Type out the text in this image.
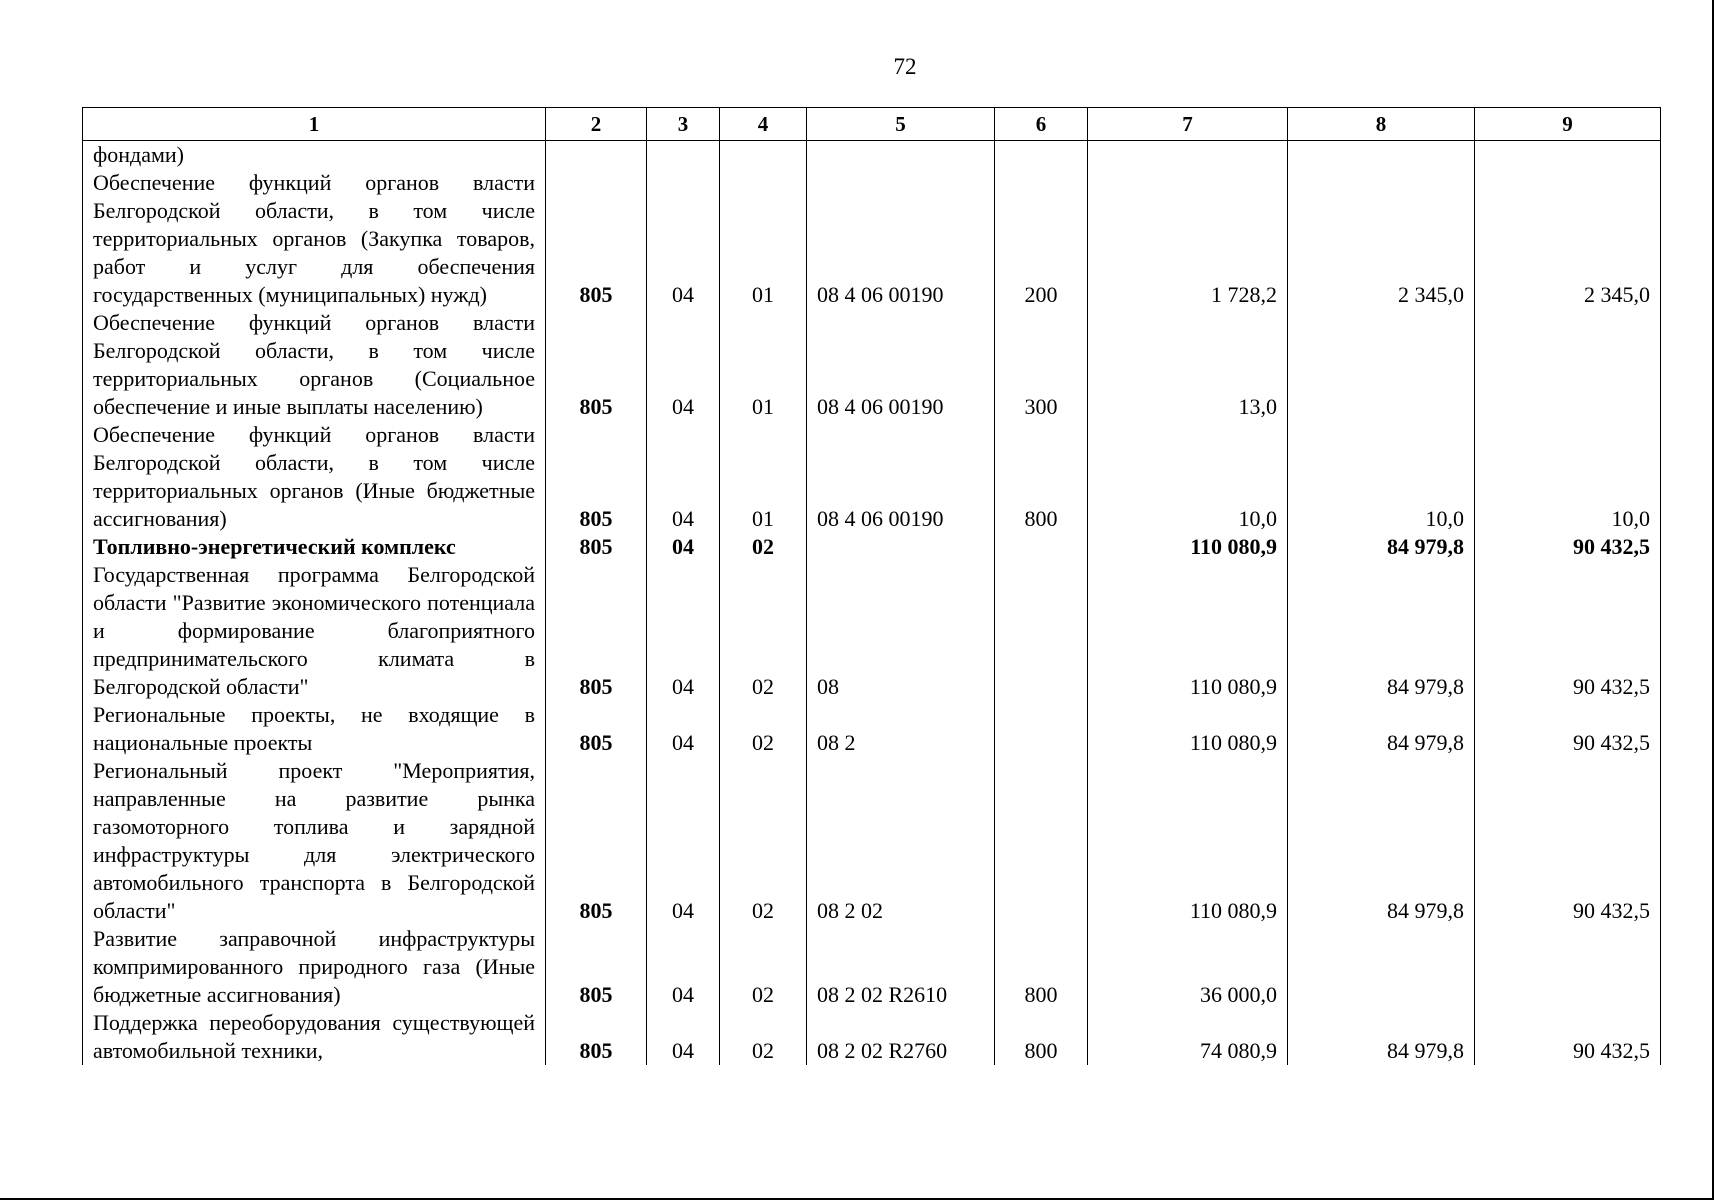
72
1	2	3	4	5	6	7	8	9
фондами)								
Обеспечение функций органов власти Белгородской области, в том числе территориальных органов (Закупка товаров, работ и услуг для обеспечения государственных (муниципальных) нужд)	805	04	01	08 4 06 00190	200	1 728,2	2 345,0	2 345,0
Обеспечение функций органов власти Белгородской области, в том числе территориальных органов (Социальное обеспечение и иные выплаты населению)	805	04	01	08 4 06 00190	300	13,0		
Обеспечение функций органов власти Белгородской области, в том числе территориальных органов (Иные бюджетные ассигнования)	805	04	01	08 4 06 00190	800	10,0	10,0	10,0
Топливно-энергетический комплекс	805	04	02			110 080,9	84 979,8	90 432,5
Государственная программа Белгородской области "Развитие экономического потенциала и формирование благоприятного предпринимательского климата в Белгородской области"	805	04	02	08		110 080,9	84 979,8	90 432,5
Региональные проекты, не входящие в национальные проекты	805	04	02	08 2		110 080,9	84 979,8	90 432,5
Региональный проект "Мероприятия, направленные на развитие рынка газомоторного топлива и зарядной инфраструктуры для электрического автомобильного транспорта в Белгородской области"	805	04	02	08 2 02		110 080,9	84 979,8	90 432,5
Развитие заправочной инфраструктуры компримированного природного газа (Иные бюджетные ассигнования)	805	04	02	08 2 02 R2610	800	36 000,0		
Поддержка переоборудования существующей автомобильной техники,	805	04	02	08 2 02 R2760	800	74 080,9	84 979,8	90 432,5
